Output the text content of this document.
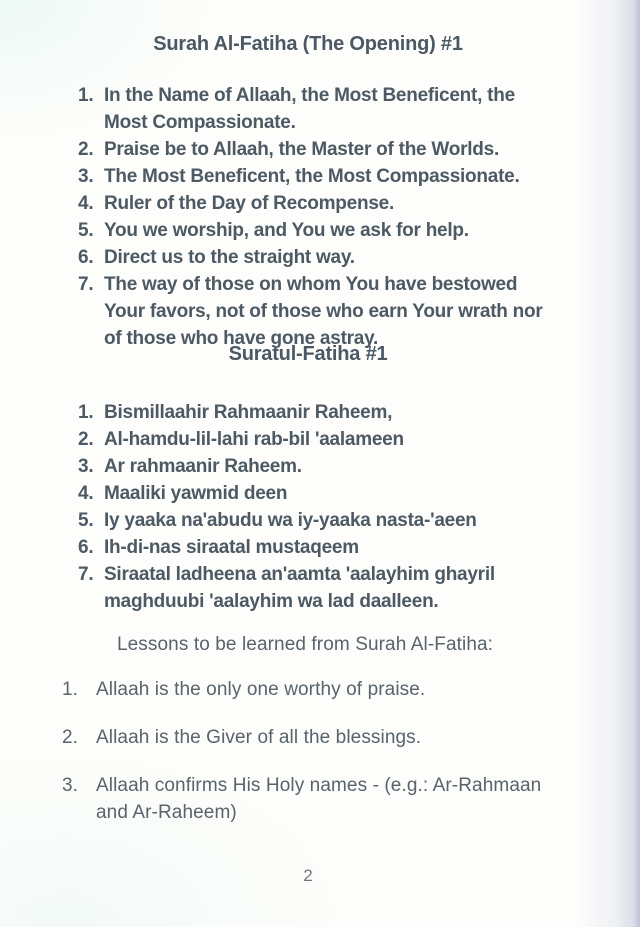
Surah Al-Fatiha (The Opening) #1
1. In the Name of Allaah, the Most Beneficent, the Most Compassionate.
2. Praise be to Allaah, the Master of the Worlds.
3. The Most Beneficent, the Most Compassionate.
4. Ruler of the Day of Recompense.
5. You we worship, and You we ask for help.
6. Direct us to the straight way.
7. The way of those on whom You have bestowed Your favors, not of those who earn Your wrath nor of those who have gone astray.
Suratul-Fatiha #1
1. Bismillaahir Rahmaanir Raheem,
2. Al-hamdu-lil-lahi rab-bil 'aalameen
3. Ar rahmaanir Raheem.
4. Maaliki yawmid deen
5. Iy yaaka na'abudu wa iy-yaaka nasta-'aeen
6. Ih-di-nas siraatal mustaqeem
7. Siraatal ladheena an'aamta 'aalayhim ghayril maghduubi 'aalayhim wa lad daalleen.
Lessons to be learned from Surah Al-Fatiha:
1. Allaah is the only one worthy of praise.
2. Allaah is the Giver of all the blessings.
3. Allaah confirms His Holy names - (e.g.: Ar-Rahmaan and Ar-Raheem)
2
